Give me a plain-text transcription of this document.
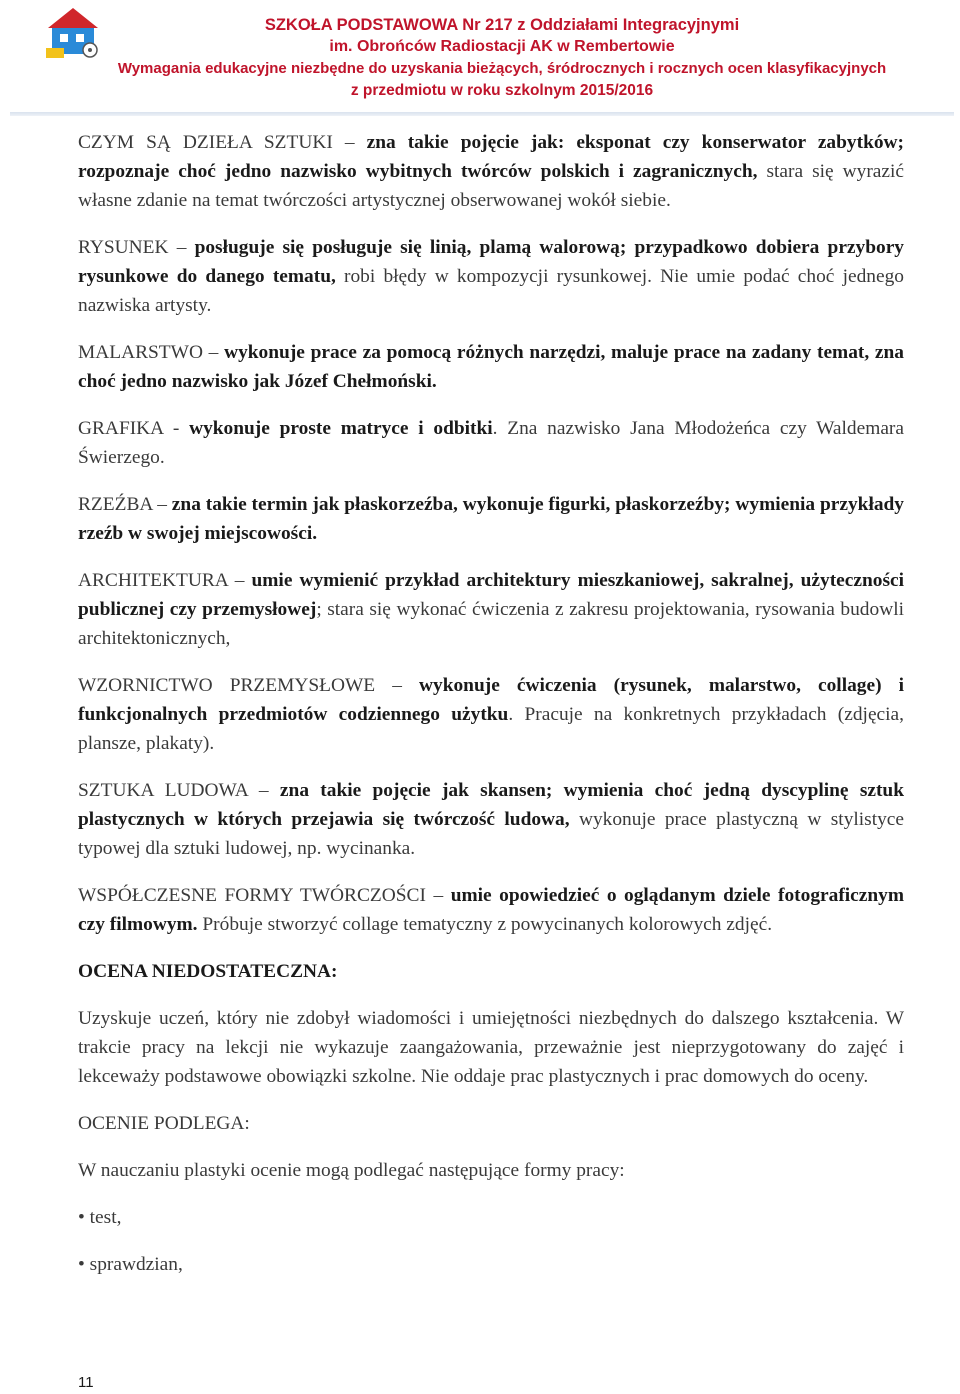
SZKOŁA PODSTAWOWA Nr 217 z Oddziałami Integracyjnymi
im. Obrońców Radiostacji AK w Rembertowie
Wymagania edukacyjne niezbędne do uzyskania bieżących, śródrocznych i rocznych ocen klasyfikacyjnych
z przedmiotu w roku szkolnym 2015/2016

CZYM SĄ DZIEŁA SZTUKI – zna takie pojęcie jak: eksponat czy konserwator zabytków; rozpoznaje choć jedno nazwisko wybitnych twórców polskich i zagranicznych, stara się wyrazić własne zdanie na temat twórczości artystycznej obserwowanej wokół siebie.

RYSUNEK – posługuje się posługuje się linią, plamą walorową; przypadkowo dobiera przybory rysunkowe do danego tematu, robi błędy w kompozycji rysunkowej. Nie umie podać choć jednego nazwiska artysty.

MALARSTWO – wykonuje prace za pomocą różnych narzędzi, maluje prace na zadany temat, zna choć jedno nazwisko jak Józef Chełmoński.

GRAFIKA - wykonuje proste matryce i odbitki. Zna nazwisko Jana Młodożeńca czy Waldemara Świerzego.

RZEŹBA – zna takie termin jak płaskorzeźba, wykonuje figurki, płaskorzeźby; wymienia przykłady rzeźb w swojej miejscowości.

ARCHITEKTURA – umie wymienić przykład architektury mieszkaniowej, sakralnej, użyteczności publicznej czy przemysłowej; stara się wykonać ćwiczenia z zakresu projektowania, rysowania budowli architektonicznych,

WZORNICTWO PRZEMYSŁOWE – wykonuje ćwiczenia (rysunek, malarstwo, collage) i funkcjonalnych przedmiotów codziennego użytku. Pracuje na konkretnych przykładach (zdjęcia, plansze, plakaty).

SZTUKA LUDOWA – zna takie pojęcie jak skansen; wymienia choć jedną dyscyplinę sztuk plastycznych w których przejawia się twórczość ludowa, wykonuje prace plastyczną w stylistyce typowej dla sztuki ludowej, np. wycinanka.

WSPÓŁCZESNE FORMY TWÓRCZOŚCI – umie opowiedzieć o oglądanym dziele fotograficznym czy filmowym. Próbuje stworzyć collage tematyczny z powycinanych kolorowych zdjęć.

OCENA NIEDOSTATECZNA:

Uzyskuje uczeń, który nie zdobył wiadomości i umiejętności niezbędnych do dalszego kształcenia. W trakcie pracy na lekcji nie wykazuje zaangażowania, przeważnie jest nieprzygotowany do zajęć i lekceważy podstawowe obowiązki szkolne. Nie oddaje prac plastycznych i prac domowych do oceny.

OCENIE PODLEGA:

W nauczaniu plastyki ocenie mogą podlegać następujące formy pracy:

• test,
• sprawdzian,
11
